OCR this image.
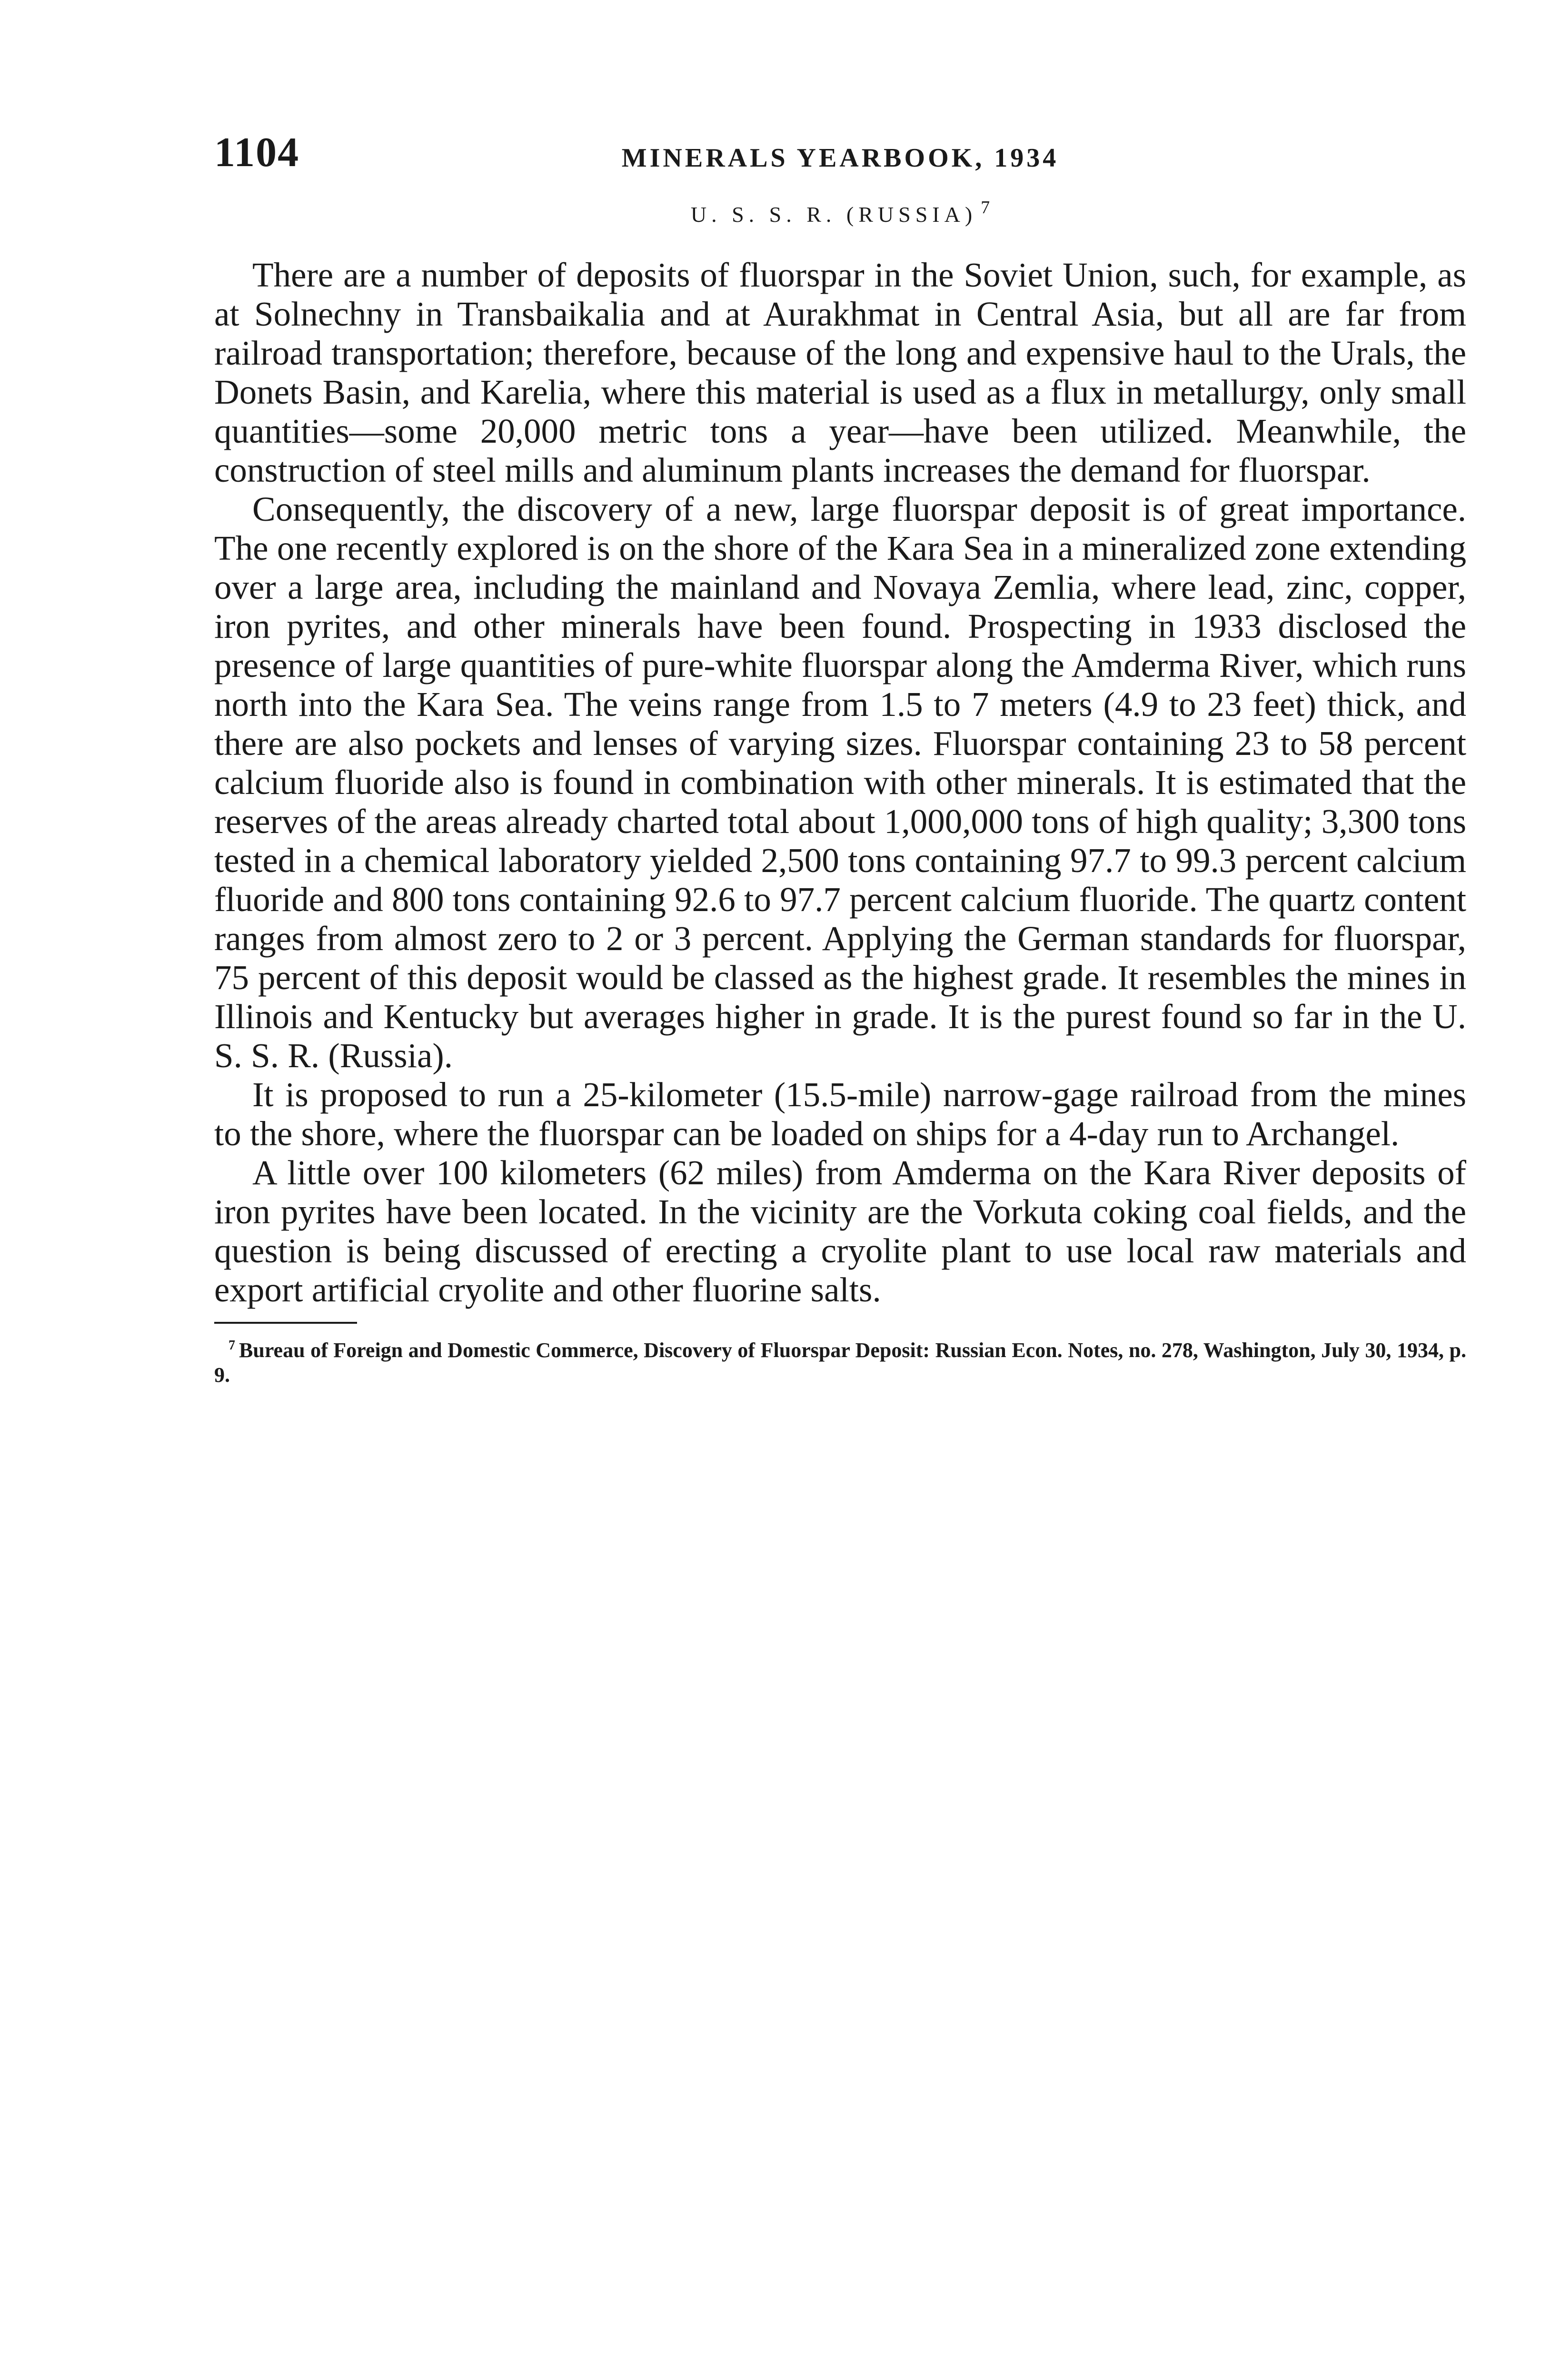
1104	MINERALS YEARBOOK, 1934
U. S. S. R. (RUSSIA) $^7$

There are a number of deposits of fluorspar in the Soviet Union, such, for example, as at Solnechny in Transbaikalia and at Aurakhmat in Central Asia, but all are far from railroad transportation; therefore, because of the long and expensive haul to the Urals, the Donets Basin, and Karelia, where this material is used as a flux in metallurgy, only small quantities—some 20,000 metric tons a year—have been utilized. Meanwhile, the construction of steel mills and aluminum plants increases the demand for fluorspar.

Consequently, the discovery of a new, large fluorspar deposit is of great importance. The one recently explored is on the shore of the Kara Sea in a mineralized zone extending over a large area, including the mainland and Novaya Zemlia, where lead, zinc, copper, iron pyrites, and other minerals have been found. Prospecting in 1933 disclosed the presence of large quantities of pure-white fluorspar along the Amderma River, which runs north into the Kara Sea. The veins range from 1.5 to 7 meters (4.9 to 23 feet) thick, and there are also pockets and lenses of varying sizes. Fluorspar containing 23 to 58 percent calcium fluoride also is found in combination with other minerals. It is estimated that the reserves of the areas already charted total about 1,000,000 tons of high quality; 3,300 tons tested in a chemical laboratory yielded 2,500 tons containing 97.7 to 99.3 percent calcium fluoride and 800 tons containing 92.6 to 97.7 percent calcium fluoride. The quartz content ranges from almost zero to 2 or 3 percent. Applying the German standards for fluorspar, 75 percent of this deposit would be classed as the highest grade. It resembles the mines in Illinois and Kentucky but averages higher in grade. It is the purest found so far in the U. S. S. R. (Russia).

It is proposed to run a 25-kilometer (15.5-mile) narrow-gage railroad from the mines to the shore, where the fluorspar can be loaded on ships for a 4-day run to Archangel.

A little over 100 kilometers (62 miles) from Amderma on the Kara River deposits of iron pyrites have been located. In the vicinity are the Vorkuta coking coal fields, and the question is being discussed of erecting a cryolite plant to use local raw materials and export artificial cryolite and other fluorine salts.

$^7$ Bureau of Foreign and Domestic Commerce, Discovery of Fluorspar Deposit: Russian Econ. Notes, no. 278, Washington, July 30, 1934, p. 9.
